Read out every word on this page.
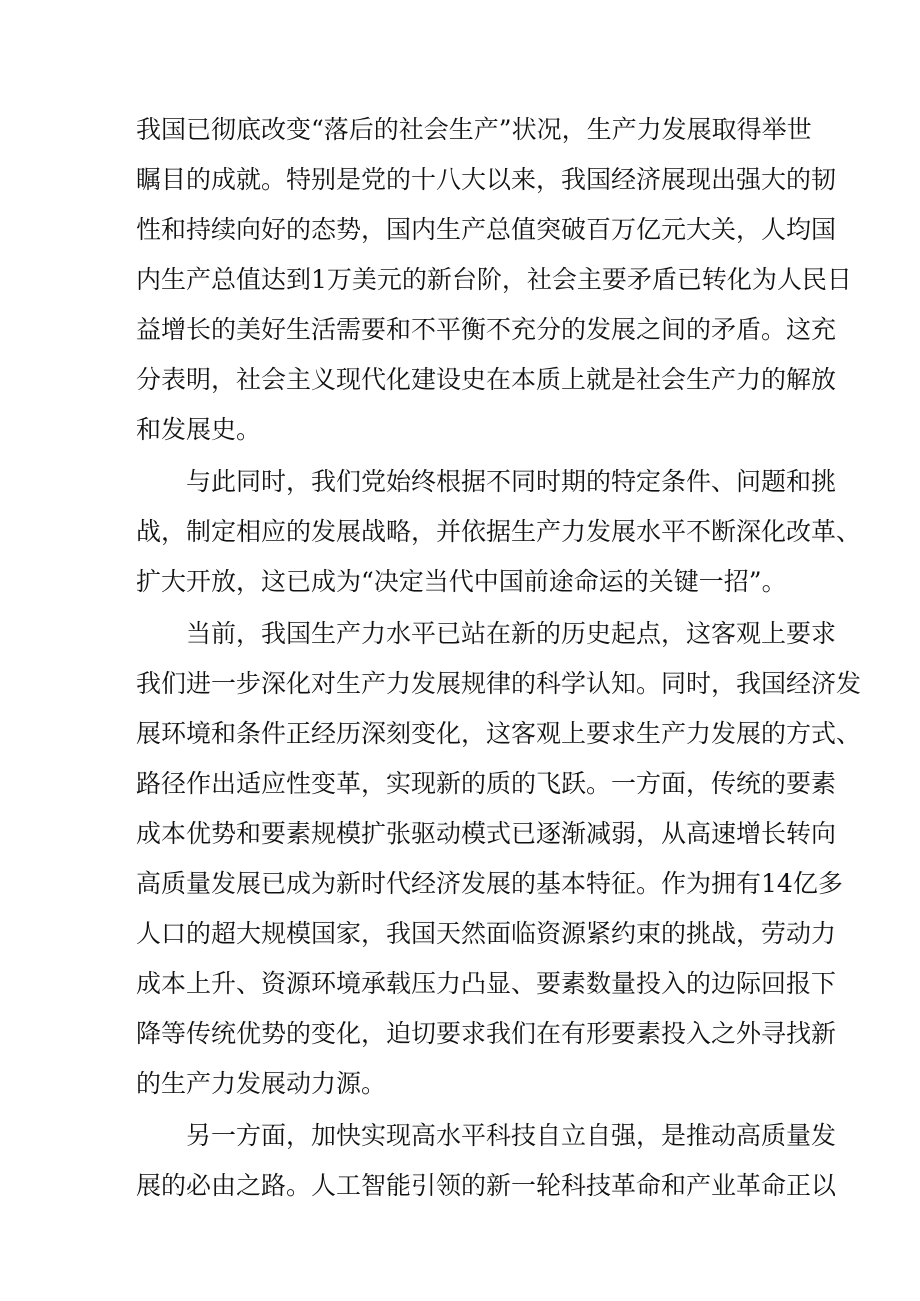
我国已彻底改变“落后的社会生产”状况，生产力发展取得举世
瞩目的成就。特别是党的十八大以来，我国经济展现出强大的韧
性和持续向好的态势，国内生产总值突破百万亿元大关，人均国
内生产总值达到1万美元的新台阶，社会主要矛盾已转化为人民日
益增长的美好生活需要和不平衡不充分的发展之间的矛盾。这充
分表明，社会主义现代化建设史在本质上就是社会生产力的解放
和发展史。
与此同时，我们党始终根据不同时期的特定条件、问题和挑
战，制定相应的发展战略，并依据生产力发展水平不断深化改革、
扩大开放，这已成为“决定当代中国前途命运的关键一招”。
当前，我国生产力水平已站在新的历史起点，这客观上要求
我们进一步深化对生产力发展规律的科学认知。同时，我国经济发
展环境和条件正经历深刻变化，这客观上要求生产力发展的方式、
路径作出适应性变革，实现新的质的飞跃。一方面，传统的要素
成本优势和要素规模扩张驱动模式已逐渐减弱，从高速增长转向
高质量发展已成为新时代经济发展的基本特征。作为拥有14亿多
人口的超大规模国家，我国天然面临资源紧约束的挑战，劳动力
成本上升、资源环境承载压力凸显、要素数量投入的边际回报下
降等传统优势的变化，迫切要求我们在有形要素投入之外寻找新
的生产力发展动力源。
另一方面，加快实现高水平科技自立自强，是推动高质量发
展的必由之路。人工智能引领的新一轮科技革命和产业革命正以
